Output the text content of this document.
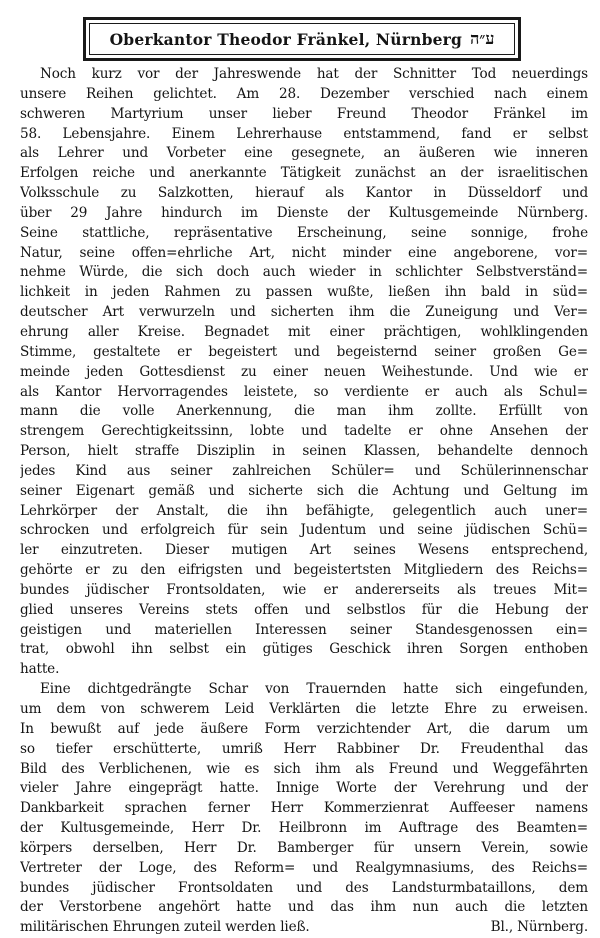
Oberkantor Theodor Fränkel, Nürnberg ע״ה
Noch kurz vor der Jahreswende hat der Schnitter Tod neuerdings
unsere Reihen gelichtet. Am 28. Dezember verschied nach einem
schweren Martyrium unser lieber Freund Theodor Fränkel im
58. Lebensjahre. Einem Lehrerhause entstammend, fand er selbst
als Lehrer und Vorbeter eine gesegnete, an äußeren wie inneren
Erfolgen reiche und anerkannte Tätigkeit zunächst an der israelitischen
Volksschule zu Salzkotten, hierauf als Kantor in Düsseldorf und
über 29 Jahre hindurch im Dienste der Kultusgemeinde Nürnberg.
Seine stattliche, repräsentative Erscheinung, seine sonnige, frohe
Natur, seine offen=ehrliche Art, nicht minder eine angeborene, vor=
nehme Würde, die sich doch auch wieder in schlichter Selbstverständ=
lichkeit in jeden Rahmen zu passen wußte, ließen ihn bald in süd=
deutscher Art verwurzeln und sicherten ihm die Zuneigung und Ver=
ehrung aller Kreise. Begnadet mit einer prächtigen, wohlklingenden
Stimme, gestaltete er begeistert und begeisternd seiner großen Ge=
meinde jeden Gottesdienst zu einer neuen Weihestunde. Und wie er
als Kantor Hervorragendes leistete, so verdiente er auch als Schul=
mann die volle Anerkennung, die man ihm zollte. Erfüllt von
strengem Gerechtigkeitssinn, lobte und tadelte er ohne Ansehen der
Person, hielt straffe Disziplin in seinen Klassen, behandelte dennoch
jedes Kind aus seiner zahlreichen Schüler= und Schülerinnenschar
seiner Eigenart gemäß und sicherte sich die Achtung und Geltung im
Lehrkörper der Anstalt, die ihn befähigte, gelegentlich auch uner=
schrocken und erfolgreich für sein Judentum und seine jüdischen Schü=
ler einzutreten. Dieser mutigen Art seines Wesens entsprechend,
gehörte er zu den eifrigsten und begeistertsten Mitgliedern des Reichs=
bundes jüdischer Frontsoldaten, wie er andererseits als treues Mit=
glied unseres Vereins stets offen und selbstlos für die Hebung der
geistigen und materiellen Interessen seiner Standesgenossen ein=
trat, obwohl ihn selbst ein gütiges Geschick ihren Sorgen enthoben
hatte.
Eine dichtgedrängte Schar von Trauernden hatte sich eingefunden,
um dem von schwerem Leid Verklärten die letzte Ehre zu erweisen.
In bewußt auf jede äußere Form verzichtender Art, die darum um
so tiefer erschütterte, umriß Herr Rabbiner Dr. Freudenthal das
Bild des Verblichenen, wie es sich ihm als Freund und Weggefährten
vieler Jahre eingeprägt hatte. Innige Worte der Verehrung und der
Dankbarkeit sprachen ferner Herr Kommerzienrat Auffeeser namens
der Kultusgemeinde, Herr Dr. Heilbronn im Auftrage des Beamten=
körpers derselben, Herr Dr. Bamberger für unsern Verein, sowie
Vertreter der Loge, des Reform= und Realgymnasiums, des Reichs=
bundes jüdischer Frontsoldaten und des Landsturmbataillons, dem
der Verstorbene angehört hatte und das ihm nun auch die letzten
militärischen Ehrungen zuteil werden ließ.	Bl., Nürnberg.
